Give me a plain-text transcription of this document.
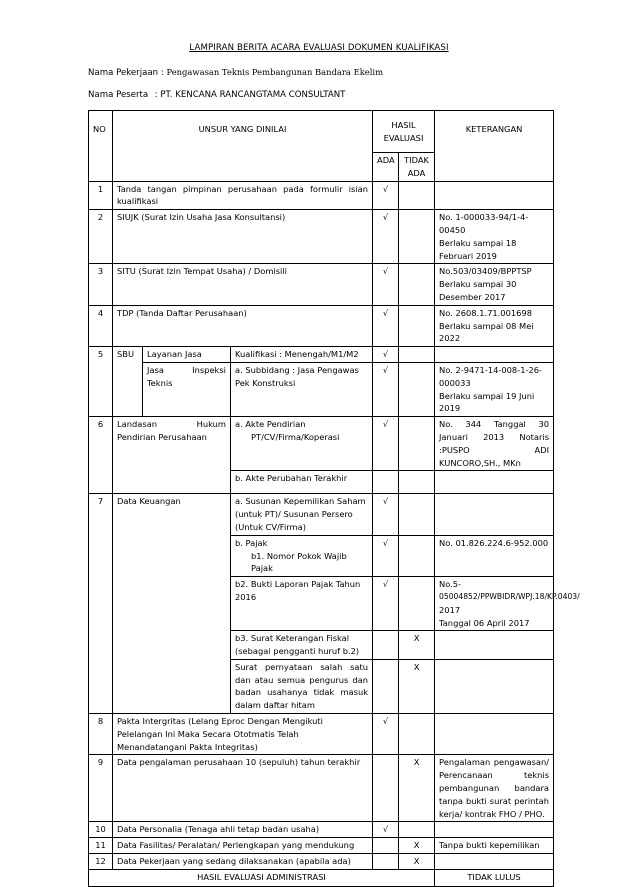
LAMPIRAN BERITA ACARA EVALUASI DOKUMEN KUALIFIKASI
Nama Pekerjaan : Pengawasan Teknis Pembangunan Bandara Ekelim
Nama Peserta : PT. KENCANA RANCANGTAMA CONSULTANT
NO	UNSUR YANG DINILAI			HASIL EVALUASI		KETERANGAN
				ADA	TIDAK ADA	
1	Tanda tangan pimpinan perusahaan pada formulir isian kualifikasi			√		
2	SIUJK (Surat Izin Usaha Jasa Konsultansi)			√		No. 1-000033-94/1-4-00450
Berlaku sampai 18 Februari 2019

3	SITU (Surat Izin Tempat Usaha) / Domisili			√		No.503/03409/BPPTSP
Berlaku sampai 30 Desember 2017

4	TDP (Tanda Daftar Perusahaan)			√		No. 2608.1.71.001698
Berlaku sampai 08 Mei 2022

5	SBU	Layanan Jasa	Kualifikasi : Menengah/M1/M2	√		
		Jasa Inspeksi Teknis	a. Subbidang : Jasa Pengawas Pek Konstruksi	√		No. 2-9471-14-008-1-26-000033
Berlaku sampai 19 Juni 2019

6	Landasan Hukum Pendirian Perusahaan		a. Akte Pendirian
PT/CV/Firma/Koperasi	√		No. 344 Tanggal 30 Januari 2013 Notaris :PUSPO ADI KUNCORO,SH., MKn
			b. Akte Perubahan Terakhir			
7	Data Keuangan		a. Susunan Kepemilikan Saham (untuk PT)/ Susunan Persero (Untuk CV/Firma)	√		

			b. Pajak
b1. Nomor Pokok Wajib Pajak	√		No. 01.826.224.6-952.000
			b2. Bukti Laporan Pajak Tahun 2016	√		No.5-
05004852/PPWBIDR/WPJ.18/KP.0403/
2017
Tanggal 06 April 2017

			b3. Surat Keterangan Fiskal (sebagai pengganti huruf b.2)		X	
			Surat pernyataan salah satu dan atau semua pengurus dan badan usahanya tidak masuk dalam daftar hitam		X	
8	Pakta Intergritas (Lelang Eproc Dengan Mengikuti Pelelangan Ini Maka Secara Ototmatis Telah Menandatangani Pakta Integritas)			√		
9	Data pengalaman perusahaan 10 (sepuluh) tahun terakhir				X	Pengalaman pengawasan/ Perencanaan teknis pembangunan bandara tanpa bukti surat perintah kerja/ kontrak FHO / PHO.
10	Data Personalia (Tenaga ahli tetap badan usaha)			√		
11	Data Fasilitas/ Peralatan/ Perlengkapan yang mendukung				X	Tanpa bukti kepemilikan
12	Data Pekerjaan yang sedang dilaksanakan (apabila ada)				X	
HASIL EVALUASI ADMINISTRASI						TIDAK LULUS
